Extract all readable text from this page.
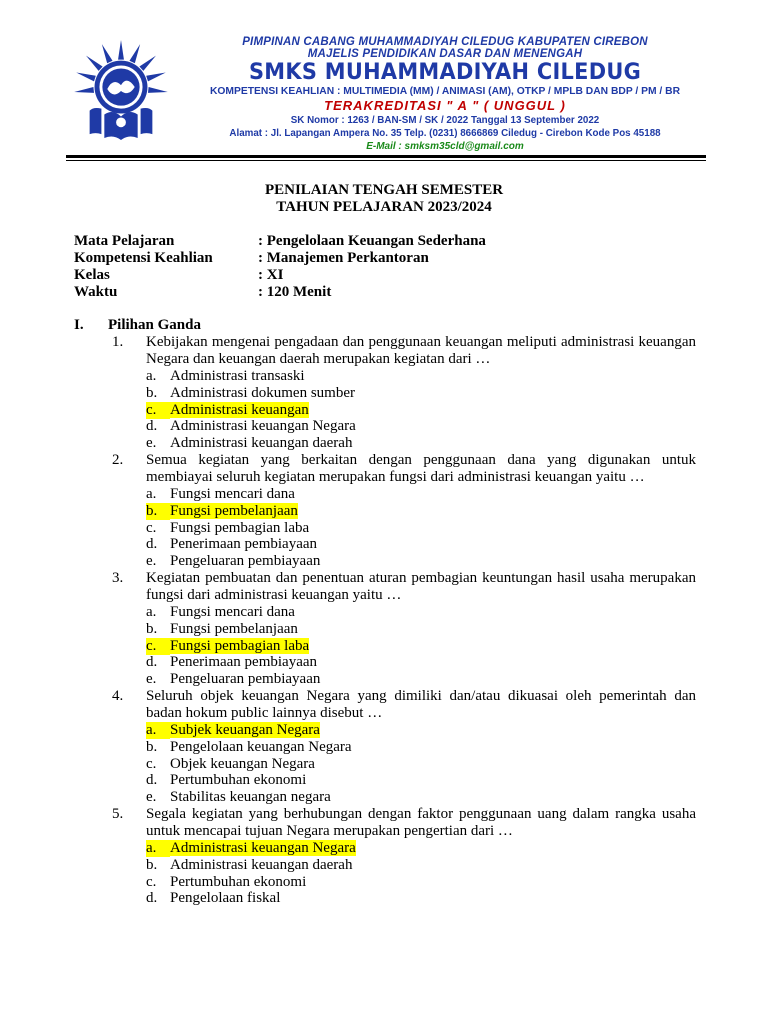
PIMPINAN CABANG MUHAMMADIYAH CILEDUG KABUPATEN CIREBON
MAJELIS PENDIDIKAN DASAR DAN MENENGAH
SMKS MUHAMMADIYAH CILEDUG
KOMPETENSI KEAHLIAN : MULTIMEDIA (MM) / ANIMASI (AM), OTKP / MPLB DAN BDP / PM / BR
TERAKREDITASI " A " ( UNGGUL )
SK Nomor : 1263 / BAN-SM / SK / 2022 Tanggal 13 September 2022
Alamat : Jl. Lapangan Ampera No. 35 Telp. (0231) 8666869 Ciledug - Cirebon Kode Pos 45188
E-Mail : smksm35cld@gmail.com
PENILAIAN TENGAH SEMESTER
TAHUN PELAJARAN 2023/2024
Mata Pelajaran	: Pengelolaan Keuangan Sederhana
Kompetensi Keahlian	: Manajemen Perkantoran
Kelas	: XI
Waktu	: 120 Menit
I. Pilihan Ganda
1. Kebijakan mengenai pengadaan dan penggunaan keuangan meliputi administrasi keuangan Negara dan keuangan daerah merupakan kegiatan dari …
a. Administrasi transaski
b. Administrasi dokumen sumber
c. Administrasi keuangan
d. Administrasi keuangan Negara
e. Administrasi keuangan daerah
2. Semua kegiatan yang berkaitan dengan penggunaan dana yang digunakan untuk membiayai seluruh kegiatan merupakan fungsi dari administrasi keuangan yaitu …
a. Fungsi mencari dana
b. Fungsi pembelanjaan
c. Fungsi pembagian laba
d. Penerimaan pembiayaan
e. Pengeluaran pembiayaan
3. Kegiatan pembuatan dan penentuan aturan pembagian keuntungan hasil usaha merupakan fungsi dari administrasi keuangan yaitu …
a. Fungsi mencari dana
b. Fungsi pembelanjaan
c. Fungsi pembagian laba
d. Penerimaan pembiayaan
e. Pengeluaran pembiayaan
4. Seluruh objek keuangan Negara yang dimiliki dan/atau dikuasai oleh pemerintah dan badan hokum public lainnya disebut …
a. Subjek keuangan Negara
b. Pengelolaan keuangan Negara
c. Objek keuangan Negara
d. Pertumbuhan ekonomi
e. Stabilitas keuangan negara
5. Segala kegiatan yang berhubungan dengan faktor penggunaan uang dalam rangka usaha untuk mencapai tujuan Negara merupakan pengertian dari …
a. Administrasi keuangan Negara
b. Administrasi keuangan daerah
c. Pertumbuhan ekonomi
d. Pengelolaan fiskal
